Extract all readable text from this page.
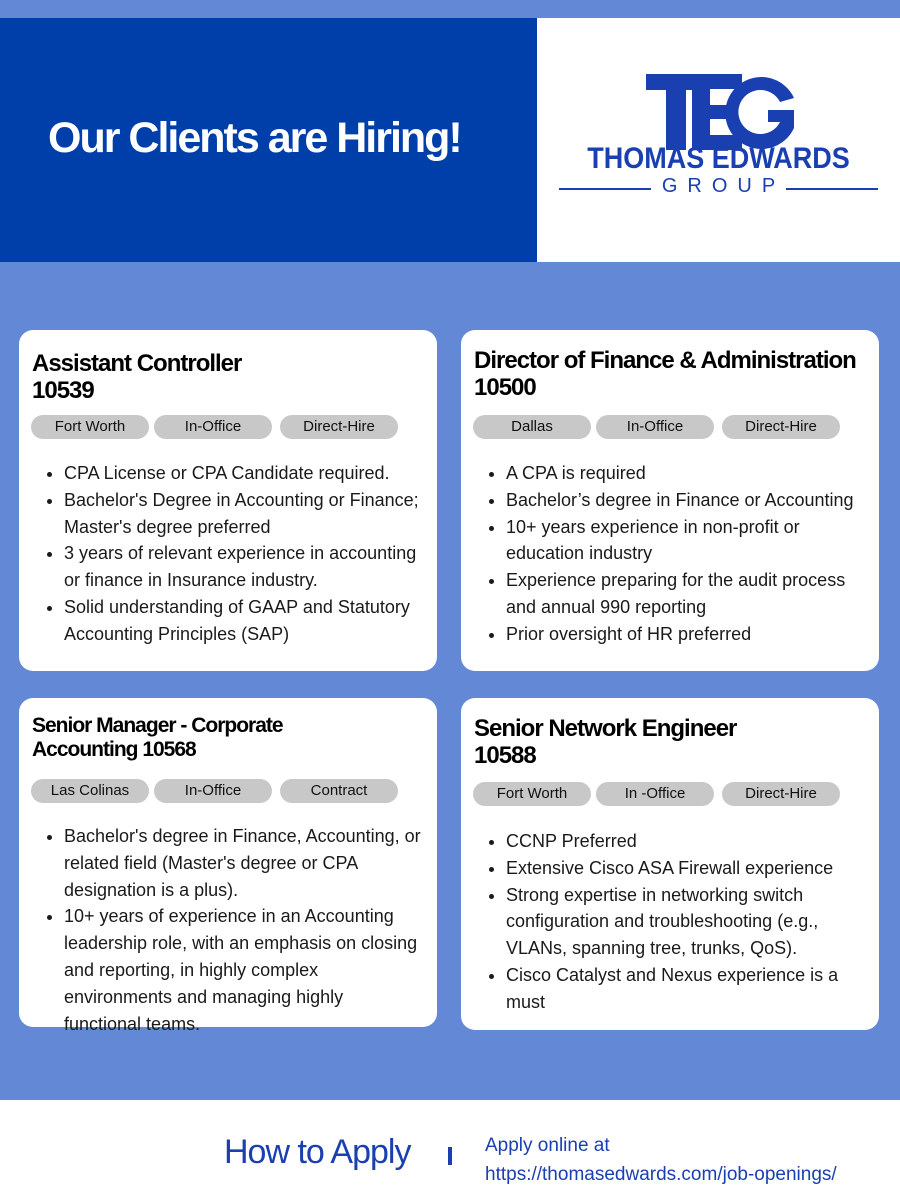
Our Clients are Hiring!	THOMAS EDWARDS
GROUP
Assistant Controller 10539
Fort Worth	In-Office	Direct-Hire
• CPA License or CPA Candidate required.
• Bachelor's Degree in Accounting or Finance; Master's degree preferred
• 3 years of relevant experience in accounting or finance in Insurance industry.
• Solid understanding of GAAP and Statutory Accounting Principles (SAP)
Director of Finance & Administration 10500
Dallas	In-Office	Direct-Hire
• A CPA is required
• Bachelor’s degree in Finance or Accounting
• 10+ years experience in non-profit or education industry
• Experience preparing for the audit process and annual 990 reporting
• Prior oversight of HR preferred
Senior Manager - Corporate Accounting 10568
Las Colinas	In-Office	Contract
• Bachelor's degree in Finance, Accounting, or related field (Master's degree or CPA designation is a plus).
• 10+ years of experience in an Accounting leadership role, with an emphasis on closing and reporting, in highly complex environments and managing highly functional teams.
Senior Network Engineer 10588
Fort Worth	In -Office	Direct-Hire
• CCNP Preferred
• Extensive Cisco ASA Firewall experience
• Strong expertise in networking switch configuration and troubleshooting (e.g., VLANs, spanning tree, trunks, QoS).
• Cisco Catalyst and Nexus experience is a must
How to Apply	Apply online at
https://thomasedwards.com/job-openings/
